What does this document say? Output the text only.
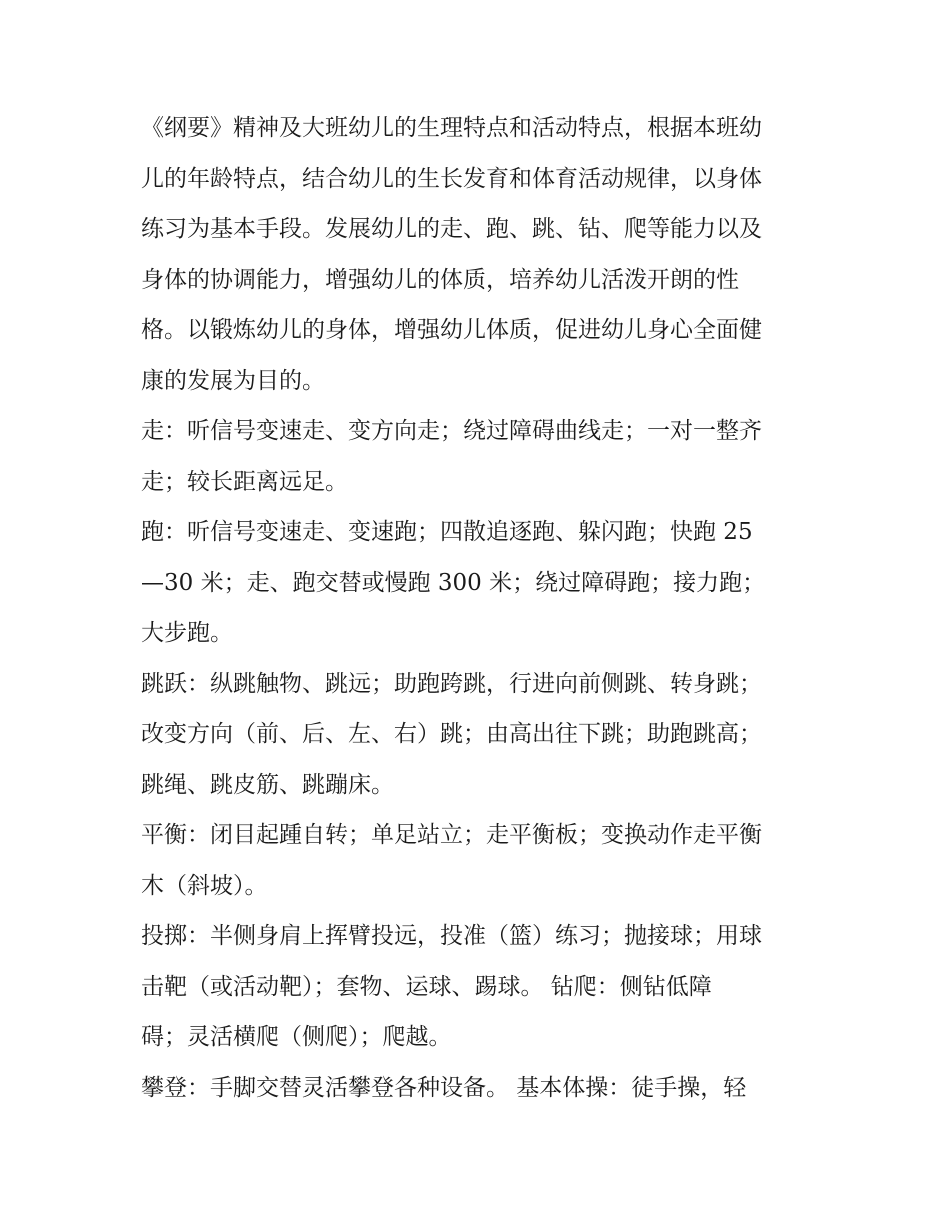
《纲要》精神及大班幼儿的生理特点和活动特点，根据本班幼
儿的年龄特点，结合幼儿的生长发育和体育活动规律，以身体
练习为基本手段。发展幼儿的走、跑、跳、钻、爬等能力以及
身体的协调能力，增强幼儿的体质，培养幼儿活泼开朗的性
格。以锻炼幼儿的身体，增强幼儿体质，促进幼儿身心全面健
康的发展为目的。
走：听信号变速走、变方向走；绕过障碍曲线走；一对一整齐
走；较长距离远足。
跑：听信号变速走、变速跑；四散追逐跑、躲闪跑；快跑 25
—30 米；走、跑交替或慢跑 300 米；绕过障碍跑；接力跑；
大步跑。
跳跃：纵跳触物、跳远；助跑跨跳，行进向前侧跳、转身跳；
改变方向（前、后、左、右）跳；由高出往下跳；助跑跳高；
跳绳、跳皮筋、跳蹦床。
平衡：闭目起踵自转；单足站立；走平衡板；变换动作走平衡
木（斜坡）。
投掷：半侧身肩上挥臂投远，投准（篮）练习；抛接球；用球
击靶（或活动靶）；套物、运球、踢球。 钻爬：侧钻低障
碍；灵活横爬（侧爬）；爬越。
攀登：手脚交替灵活攀登各种设备。 基本体操：徒手操，轻
